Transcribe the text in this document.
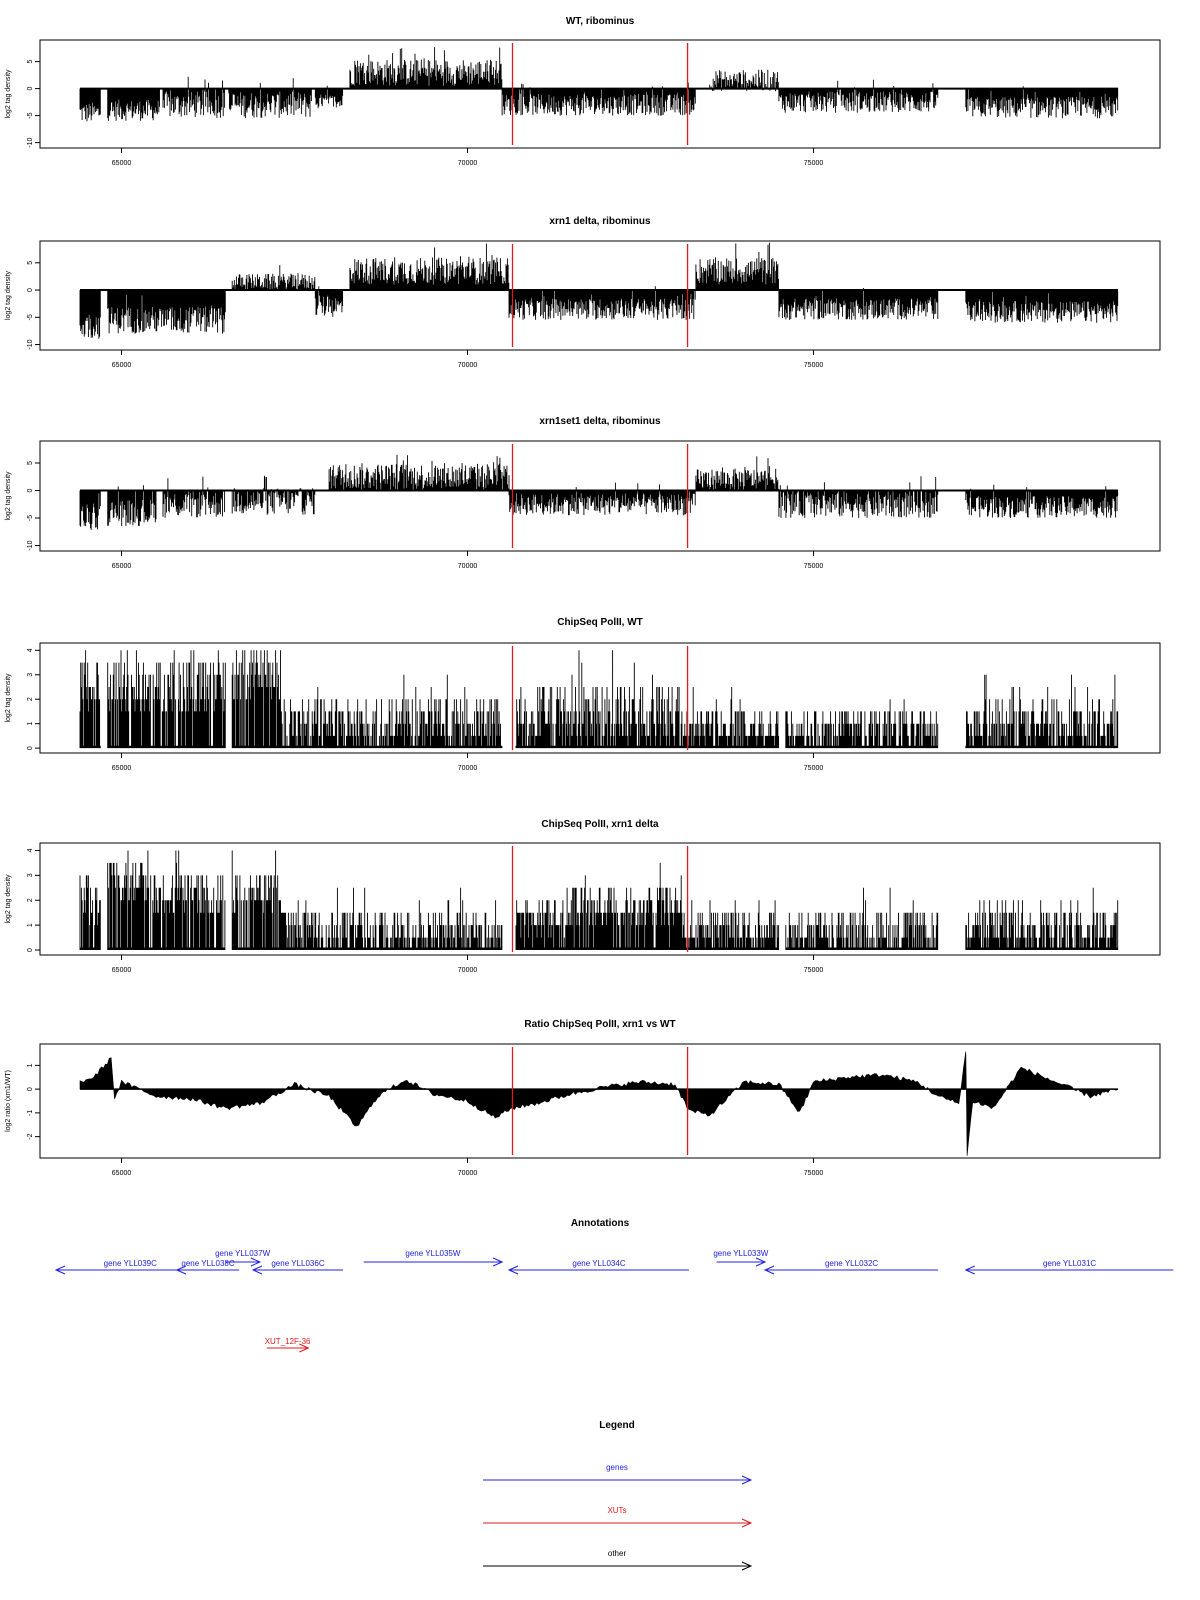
WT, ribominus
5
0
-5
-10
log2 tag density
65000	70000	75000
xrn1 delta, ribominus
5
0
-5
-10
log2 tag density
65000	70000	75000
xrn1set1 delta, ribominus
5
0
-5
-10
log2 tag density
65000	70000	75000
ChipSeq PolII, WT
0
1
2
3
4
log2 tag density
65000	70000	75000
ChipSeq PolII, xrn1 delta
0
1
2
3
4
log2 tag density
65000	70000	75000
Ratio ChipSeq PolII, xrn1 vs WT
1
0
-1
-2
log2 ratio (xrn1/WT)
65000	70000	75000
Annotations
gene YLL039C	gene YLL038C
gene YLL037W
gene YLL036C
gene YLL035W
gene YLL034C
gene YLL033W
gene YLL032C	gene YLL031C
XUT_12F-36
Legend
genes
XUTs
other
